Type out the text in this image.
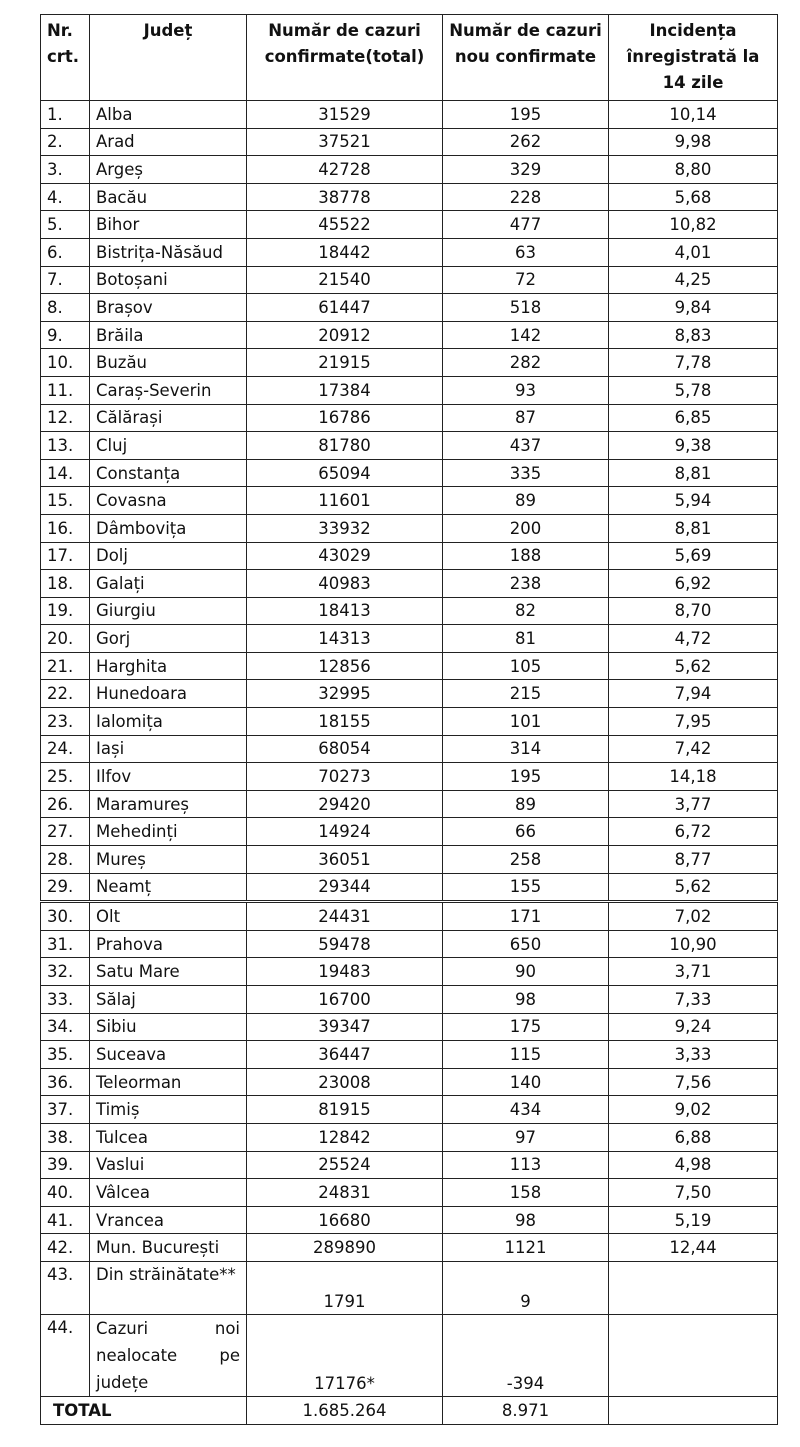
Nr. crt.	Județ	Număr de cazuri confirmate(total)	Număr de cazuri nou confirmate	Incidența înregistrată la 14 zile
1.	Alba	31529	195	10,14
2.	Arad	37521	262	9,98
3.	Argeș	42728	329	8,80
4.	Bacău	38778	228	5,68
5.	Bihor	45522	477	10,82
6.	Bistrița-Năsăud	18442	63	4,01
7.	Botoșani	21540	72	4,25
8.	Brașov	61447	518	9,84
9.	Brăila	20912	142	8,83
10.	Buzău	21915	282	7,78
11.	Caraș-Severin	17384	93	5,78
12.	Călărași	16786	87	6,85
13.	Cluj	81780	437	9,38
14.	Constanța	65094	335	8,81
15.	Covasna	11601	89	5,94
16.	Dâmbovița	33932	200	8,81
17.	Dolj	43029	188	5,69
18.	Galați	40983	238	6,92
19.	Giurgiu	18413	82	8,70
20.	Gorj	14313	81	4,72
21.	Harghita	12856	105	5,62
22.	Hunedoara	32995	215	7,94
23.	Ialomița	18155	101	7,95
24.	Iași	68054	314	7,42
25.	Ilfov	70273	195	14,18
26.	Maramureș	29420	89	3,77
27.	Mehedinți	14924	66	6,72
28.	Mureș	36051	258	8,77
29.	Neamț	29344	155	5,62
30.	Olt	24431	171	7,02
31.	Prahova	59478	650	10,90
32.	Satu Mare	19483	90	3,71
33.	Sălaj	16700	98	7,33
34.	Sibiu	39347	175	9,24
35.	Suceava	36447	115	3,33
36.	Teleorman	23008	140	7,56
37.	Timiș	81915	434	9,02
38.	Tulcea	12842	97	6,88
39.	Vaslui	25524	113	4,98
40.	Vâlcea	24831	158	7,50
41.	Vrancea	16680	98	5,19
42.	Mun. București	289890	1121	12,44
43.	Din străinătate**	1791	9	
44.	Cazuri noi nealocate pe județe	17176*	-394	
TOTAL		1.685.264	8.971	
